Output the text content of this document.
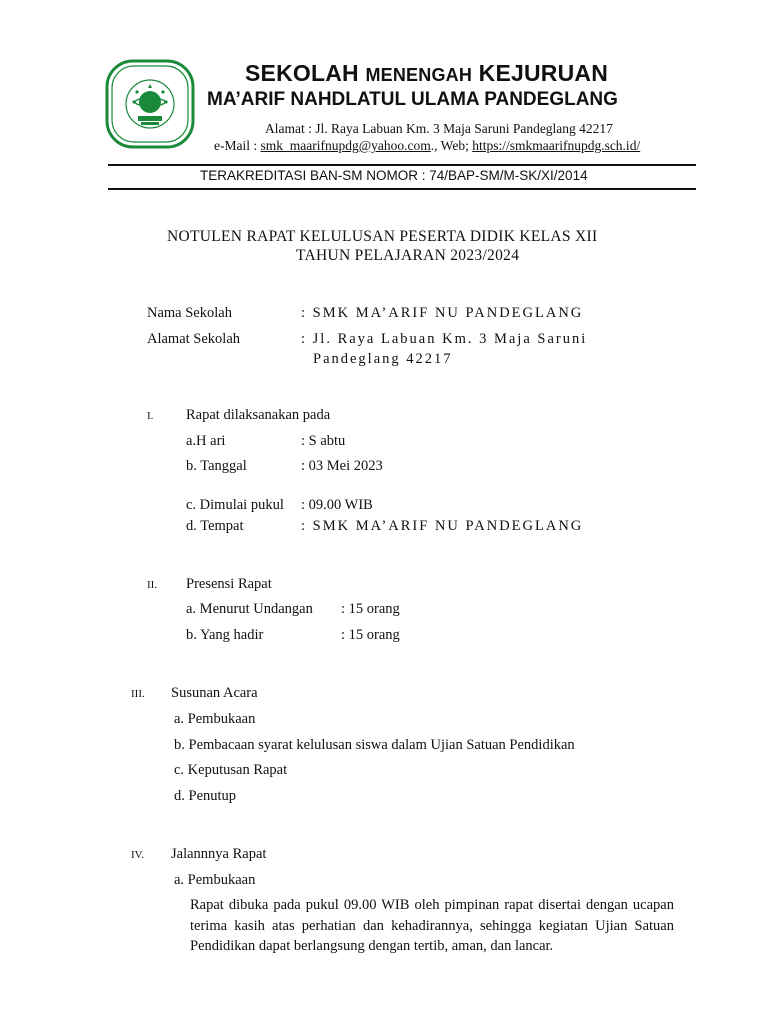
SEKOLAH MENENGAH KEJURUAN
MA’ARIF NAHDLATUL ULAMA PANDEGLANG
Alamat : Jl. Raya Labuan Km. 3 Maja Saruni Pandeglang 42217
e-Mail : smk_maarifnupdg@yahoo.com., Web; https://smkmaarifnupdg.sch.id/
TERAKREDITASI BAN-SM NOMOR : 74/BAP-SM/M-SK/XI/2014
NOTULEN RAPAT KELULUSAN PESERTA DIDIK KELAS XII
TAHUN PELAJARAN 2023/2024
Nama Sekolah	: SMK MA’ARIF NU PANDEGLANG
Alamat Sekolah	: Jl. Raya Labuan Km. 3 Maja Saruni
Pandeglang 42217
I. Rapat dilaksanakan pada
a.H ari	: S abtu
b. Tanggal	: 03 Mei 2023
c. Dimulai pukul : 09.00 WIB
d. Tempat	: SMK MA’ARIF NU PANDEGLANG
II. Presensi Rapat
a. Menurut Undangan : 15 orang
b. Yang hadir	: 15 orang
III. Susunan Acara
a. Pembukaan
b. Pembacaan syarat kelulusan siswa dalam Ujian Satuan Pendidikan
c. Keputusan Rapat
d. Penutup
IV. Jalannnya Rapat
a. Pembukaan
Rapat dibuka pada pukul 09.00 WIB oleh pimpinan rapat disertai dengan ucapan terima kasih atas perhatian dan kehadirannya, sehingga kegiatan Ujian Satuan Pendidikan dapat berlangsung dengan tertib, aman, dan lancar.
